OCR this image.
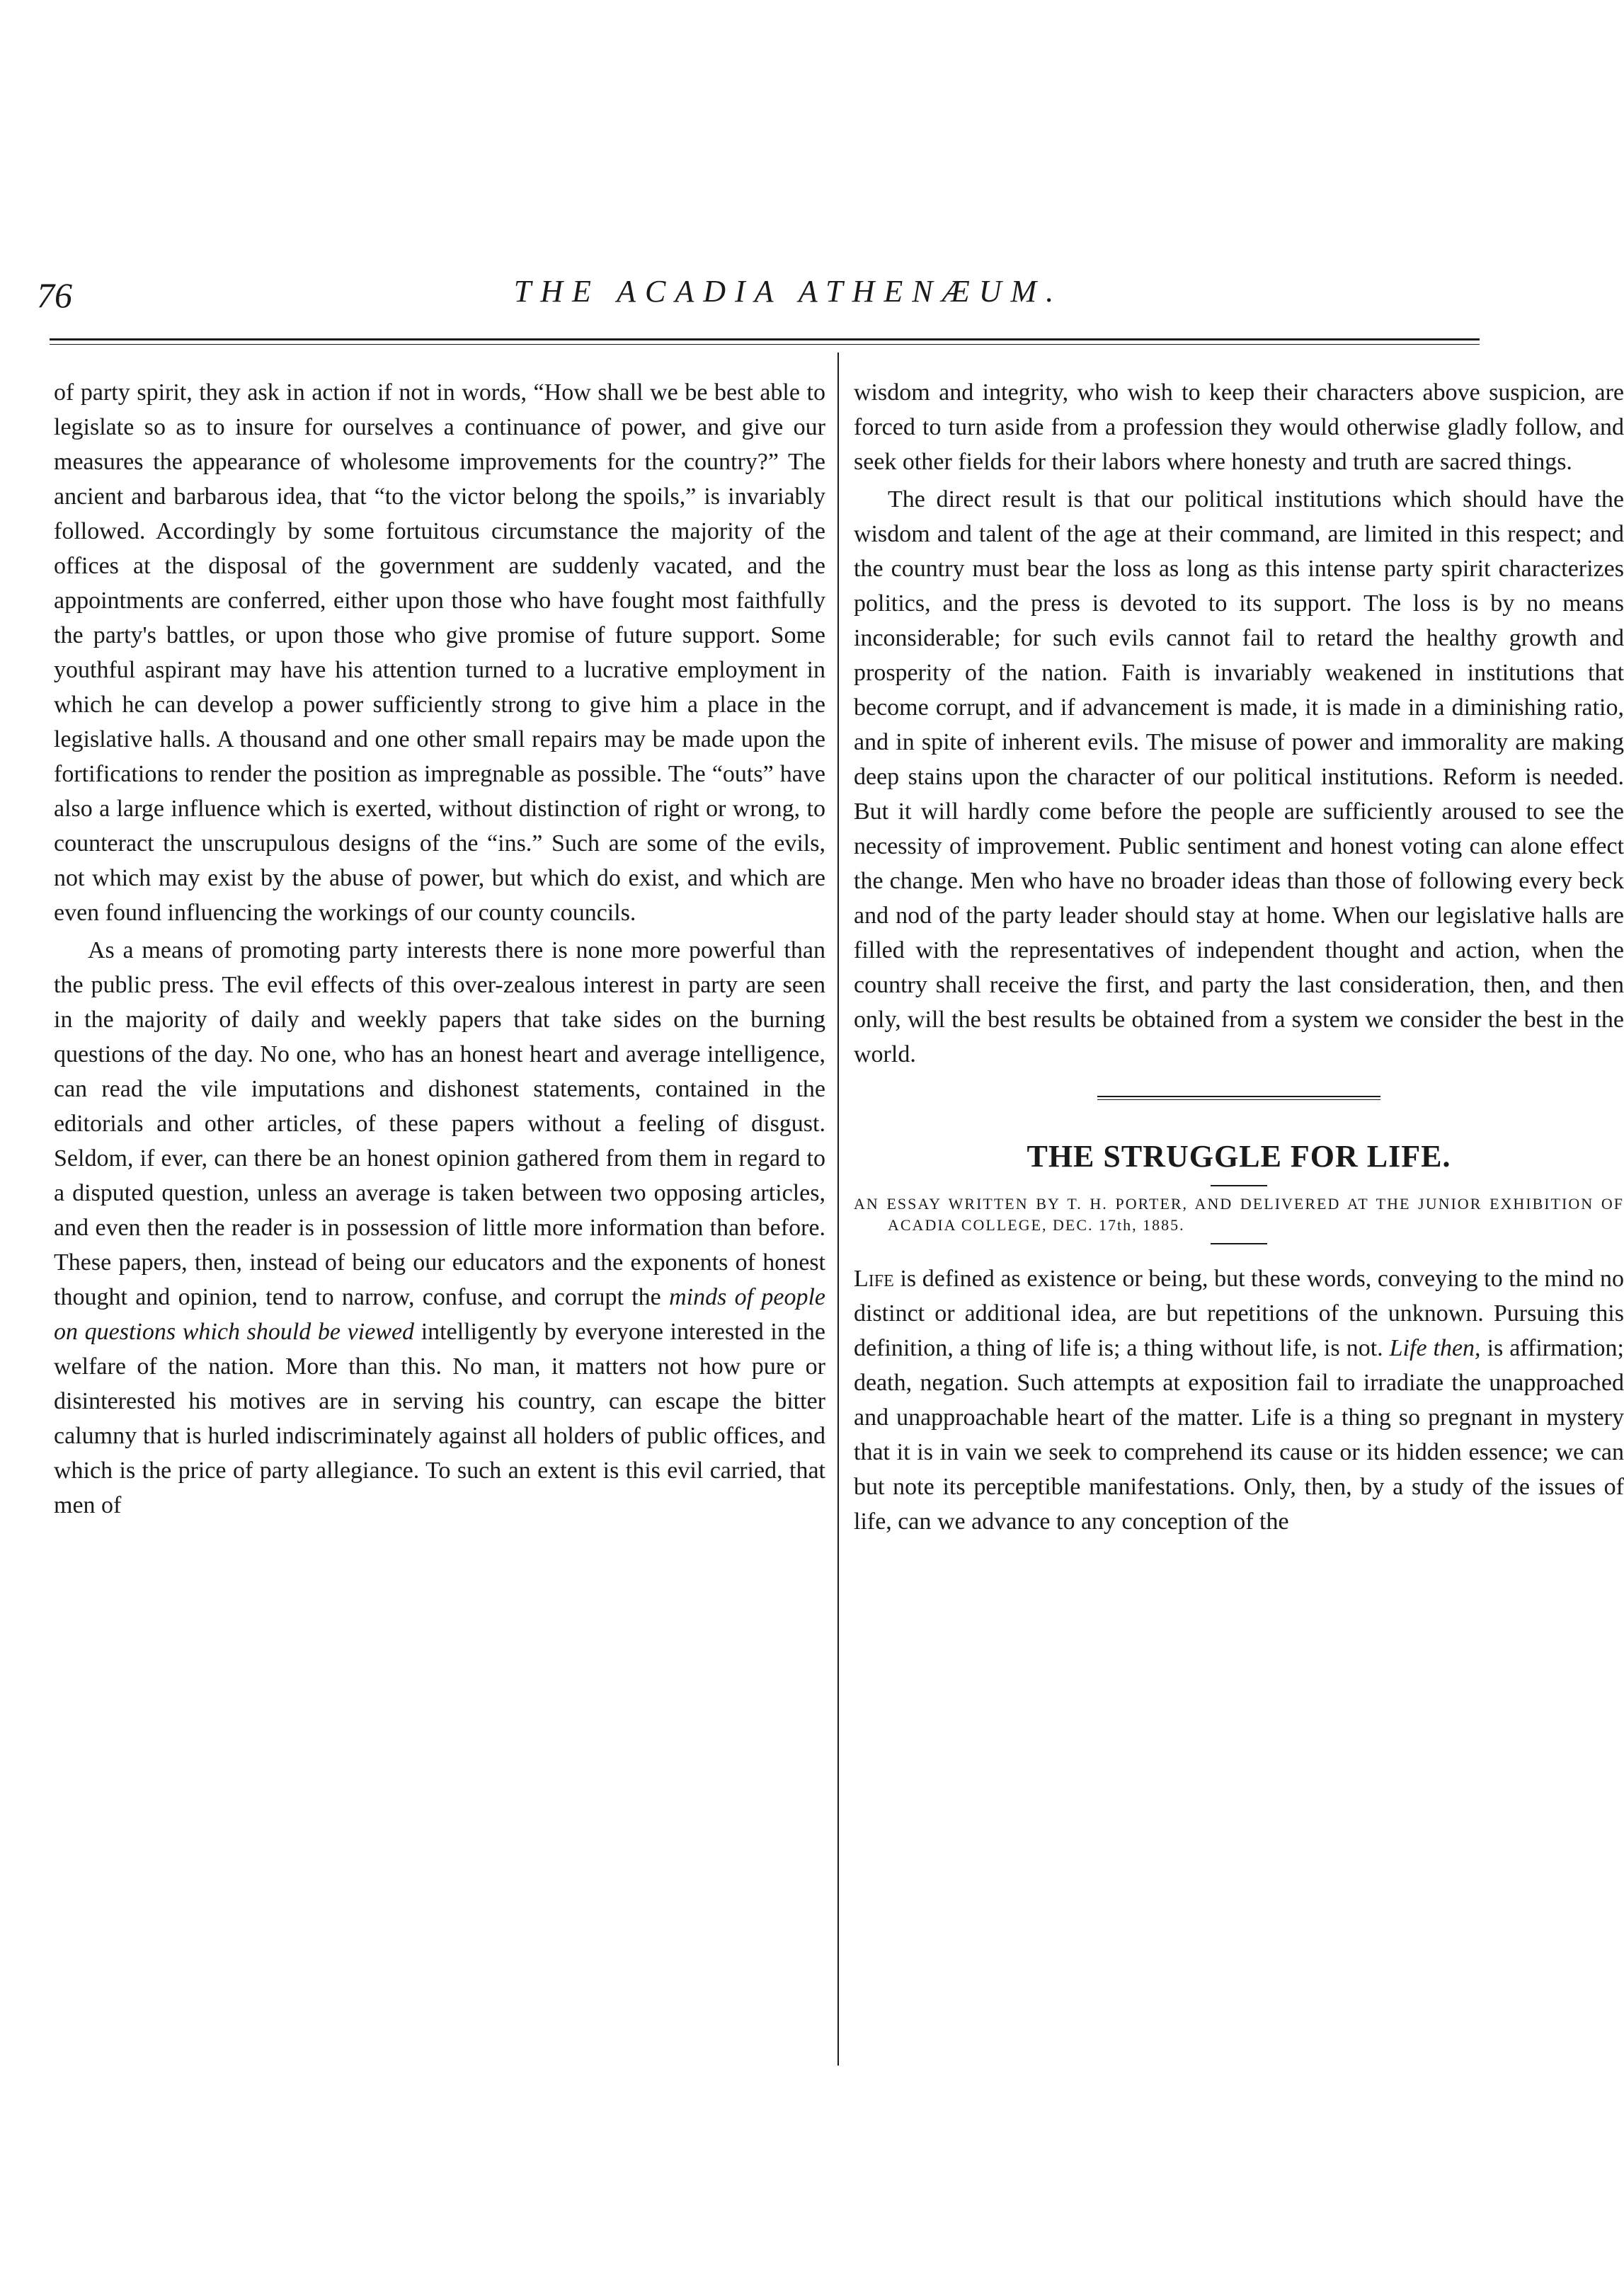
76	THE ACADIA ATHENÆUM.

of party spirit, they ask in action if not in words, “How shall we be best able to legislate so as to insure for ourselves a continuance of power, and give our measures the appearance of wholesome improvements for the country?” The ancient and barbarous idea, that “to the victor belong the spoils,” is invariably followed. Accordingly by some fortuitous circumstance the majority of the offices at the disposal of the government are suddenly vacated, and the appointments are conferred, either upon those who have fought most faithfully the party's battles, or upon those who give promise of future support. Some youthful aspirant may have his attention turned to a lucrative employment in which he can develop a power sufficiently strong to give him a place in the legislative halls. A thousand and one other small repairs may be made upon the fortifications to render the position as impregnable as possible. The “outs” have also a large influence which is exerted, without distinction of right or wrong, to counteract the unscrupulous designs of the “ins.” Such are some of the evils, not which may exist by the abuse of power, but which do exist, and which are even found influencing the workings of our county councils.

As a means of promoting party interests there is none more powerful than the public press. The evil effects of this over-zealous interest in party are seen in the majority of daily and weekly papers that take sides on the burning questions of the day. No one, who has an honest heart and average intelligence, can read the vile imputations and dishonest statements, contained in the editorials and other articles, of these papers without a feeling of disgust. Seldom, if ever, can there be an honest opinion gathered from them in regard to a disputed question, unless an average is taken between two opposing articles, and even then the reader is in possession of little more information than before. These papers, then, instead of being our educators and the exponents of honest thought and opinion, tend to narrow, confuse, and corrupt the minds of people on questions which should be viewed intelligently by everyone interested in the welfare of the nation. More than this. No man, it matters not how pure or disinterested his motives are in serving his country, can escape the bitter calumny that is hurled indiscriminately against all holders of public offices, and which is the price of party allegiance. To such an extent is this evil carried, that men of

wisdom and integrity, who wish to keep their characters above suspicion, are forced to turn aside from a profession they would otherwise gladly follow, and seek other fields for their labors where honesty and truth are sacred things.

The direct result is that our political institutions which should have the wisdom and talent of the age at their command, are limited in this respect; and the country must bear the loss as long as this intense party spirit characterizes politics, and the press is devoted to its support. The loss is by no means inconsiderable; for such evils cannot fail to retard the healthy growth and prosperity of the nation. Faith is invariably weakened in institutions that become corrupt, and if advancement is made, it is made in a diminishing ratio, and in spite of inherent evils. The misuse of power and immorality are making deep stains upon the character of our political institutions. Reform is needed. But it will hardly come before the people are sufficiently aroused to see the necessity of improvement. Public sentiment and honest voting can alone effect the change. Men who have no broader ideas than those of following every beck and nod of the party leader should stay at home. When our legislative halls are filled with the representatives of independent thought and action, when the country shall receive the first, and party the last consideration, then, and then only, will the best results be obtained from a system we consider the best in the world.

THE STRUGGLE FOR LIFE.

AN ESSAY WRITTEN BY T. H. PORTER, AND DELIVERED AT THE JUNIOR EXHIBITION OF ACADIA COLLEGE, DEC. 17th, 1885.

Life is defined as existence or being, but these words, conveying to the mind no distinct or additional idea, are but repetitions of the unknown. Pursuing this definition, a thing of life is; a thing without life, is not. Life then, is affirmation; death, negation. Such attempts at exposition fail to irradiate the unapproached and unapproachable heart of the matter. Life is a thing so pregnant in mystery that it is in vain we seek to comprehend its cause or its hidden essence; we can but note its perceptible manifestations. Only, then, by a study of the issues of life, can we advance to any conception of the
